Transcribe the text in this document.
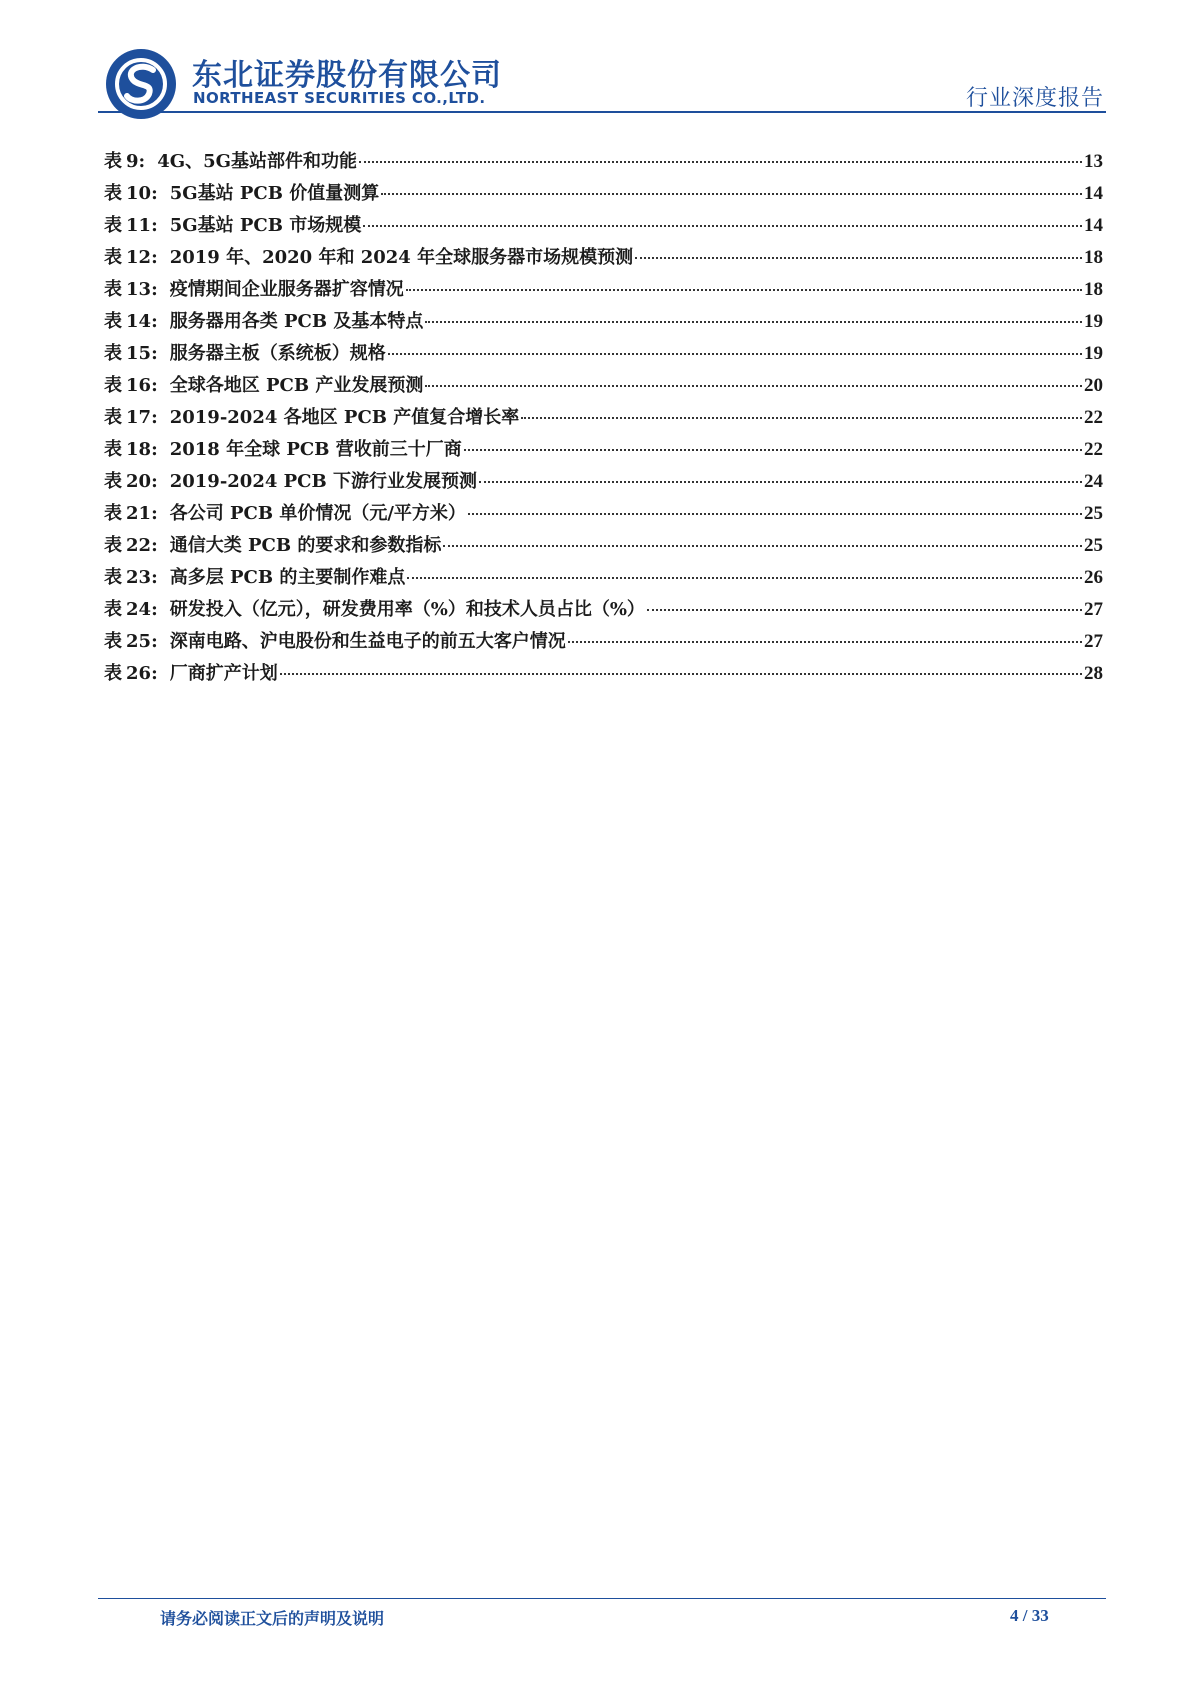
东北证券股份有限公司
NORTHEAST SECURITIES CO.,LTD.	行业深度报告
表 9 : 4G、5G基站部件和功能	13
表 10 : 5G基站 PCB 价值量测算	14
表 11 : 5G基站 PCB 市场规模	14
表 12 : 2019 年、2020 年和 2024 年全球服务器市场规模预测	18
表 13 : 疫情期间企业服务器扩容情况	18
表 14 : 服务器用各类 PCB 及基本特点	19
表 15 : 服务器主板（系统板）规格	19
表 16 : 全球各地区 PCB 产业发展预测	20
表 17 : 2019-2024 各地区 PCB 产值复合增长率	22
表 18 : 2018 年全球 PCB 营收前三十厂商	22
表 20 : 2019-2024 PCB 下游行业发展预测	24
表 21 : 各公司 PCB 单价情况（元/平方米）	25
表 22 : 通信大类 PCB 的要求和参数指标	25
表 23 : 高多层 PCB 的主要制作难点	26
表 24 : 研发投入（亿元），研发费用率（%）和技术人员占比（%）	27
表 25 : 深南电路、沪电股份和生益电子的前五大客户情况	27
表 26 : 厂商扩产计划	28
请务必阅读正文后的声明及说明	4 / 33
